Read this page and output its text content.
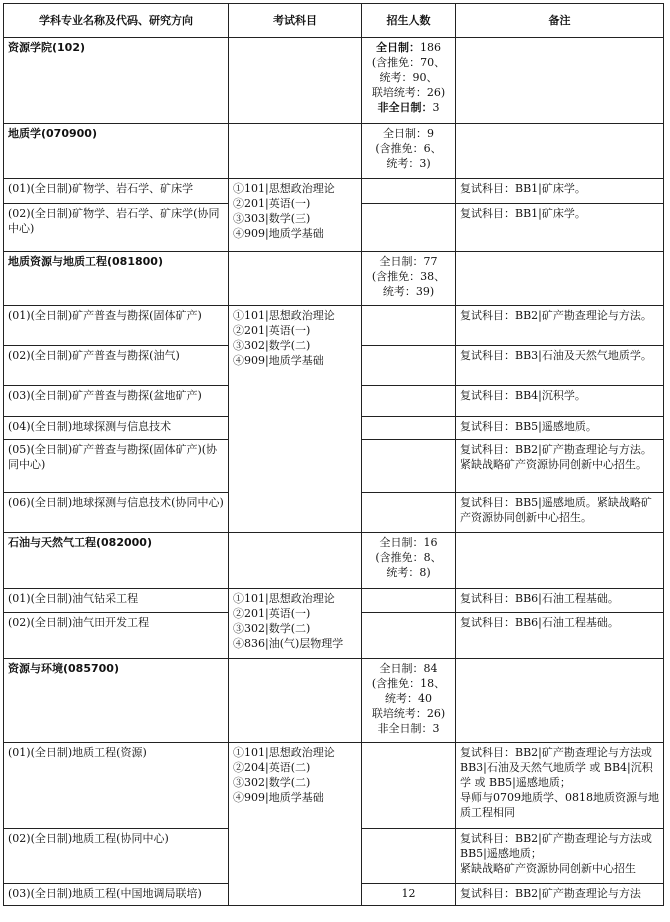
学科专业名称及代码、研究方向	考试科目	招生人数	备注
资源学院(102)		全日制：186
(含推免：70、
统考：90、
联培统考：26)
非全日制：3	

地质学(070900)		全日制：9
(含推免：6、
统考：3)	
(01)(全日制)矿物学、岩石学、矿床学	①101|思想政治理论
②201|英语(一)
③303|数学(三)
④909|地质学基础		复试科目：BB1|矿床学。
(02)(全日制)矿物学、岩石学、矿床学(协同中心)			复试科目：BB1|矿床学。
地质资源与地质工程(081800)		全日制：77
(含推免：38、
统考：39)	
(01)(全日制)矿产普查与勘探(固体矿产)	①101|思想政治理论
②201|英语(一)
③302|数学(二)
④909|地质学基础		复试科目：BB2|矿产勘查理论与方法。
(02)(全日制)矿产普查与勘探(油气)			复试科目：BB3|石油及天然气地质学。
(03)(全日制)矿产普查与勘探(盆地矿产)			复试科目：BB4|沉积学。
(04)(全日制)地球探测与信息技术			复试科目：BB5|遥感地质。
(05)(全日制)矿产普查与勘探(固体矿产)(协同中心)			复试科目：BB2|矿产勘查理论与方法。紧缺战略矿产资源协同创新中心招生。
(06)(全日制)地球探测与信息技术(协同中心)			复试科目：BB5|遥感地质。紧缺战略矿产资源协同创新中心招生。
石油与天然气工程(082000)		全日制：16
(含推免：8、
统考：8)	
(01)(全日制)油气钻采工程	①101|思想政治理论
②201|英语(一)
③302|数学(二)
④836|油(气)层物理学		复试科目：BB6|石油工程基础。
(02)(全日制)油气田开发工程			复试科目：BB6|石油工程基础。
资源与环境(085700)		全日制：84
(含推免：18、
统考：40
联培统考：26)
非全日制：3	
(01)(全日制)地质工程(资源)	①101|思想政治理论
②204|英语(二)
③302|数学(二)
④909|地质学基础		复试科目：BB2|矿产勘查理论与方法或 BB3|石油及天然气地质学 或 BB4|沉积学 或 BB5|遥感地质；
导师与0709地质学、0818地质资源与地质工程相同
(02)(全日制)地质工程(协同中心)			复试科目：BB2|矿产勘查理论与方法或 BB5|遥感地质；
紧缺战略矿产资源协同创新中心招生
(03)(全日制)地质工程(中国地调局联培)		12	复试科目：BB2|矿产勘查理论与方法
